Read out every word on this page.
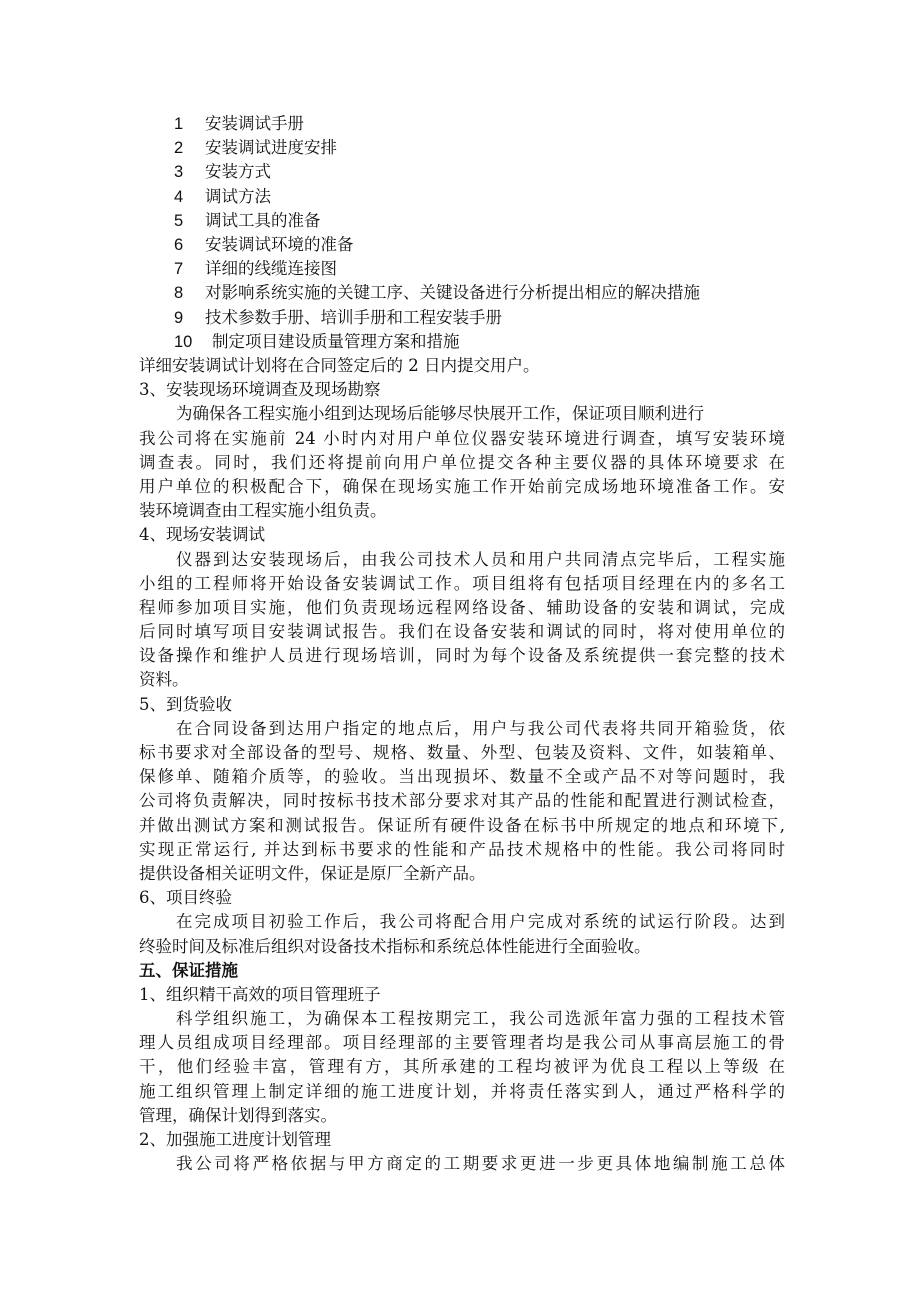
1	安装调试手册
2	安装调试进度安排
3	安装方式
4	调试方法
5	调试工具的准备
6	安装调试环境的准备
7	详细的线缆连接图
8	对影响系统实施的关键工序、关键设备进行分析提出相应的解决措施
9	技术参数手册、培训手册和工程安装手册
10	制定项目建设质量管理方案和措施
详细安装调试计划将在合同签定后的 2 日内提交用户。
3、安装现场环境调查及现场勘察
为确保各工程实施小组到达现场后能够尽快展开工作，保证项目顺利进行
我公司将在实施前 24 小时内对用户单位仪器安装环境进行调查，填写安装环境
调查表。同时，我们还将提前向用户单位提交各种主要仪器的具体环境要求 在
用户单位的积极配合下，确保在现场实施工作开始前完成场地环境准备工作。安
装环境调查由工程实施小组负责。
4、现场安装调试
仪器到达安装现场后，由我公司技术人员和用户共同清点完毕后，工程实施
小组的工程师将开始设备安装调试工作。项目组将有包括项目经理在内的多名工
程师参加项目实施，他们负责现场远程网络设备、辅助设备的安装和调试，完成
后同时填写项目安装调试报告。我们在设备安装和调试的同时，将对使用单位的
设备操作和维护人员进行现场培训，同时为每个设备及系统提供一套完整的技术
资料。
5、到货验收
在合同设备到达用户指定的地点后，用户与我公司代表将共同开箱验货，依
标书要求对全部设备的型号、规格、数量、外型、包装及资料、文件，如装箱单、
保修单、随箱介质等，的验收。当出现损坏、数量不全或产品不对等问题时，我
公司将负责解决，同时按标书技术部分要求对其产品的性能和配置进行测试检查，
并做出测试方案和测试报告。保证所有硬件设备在标书中所规定的地点和环境下,
实现正常运行, 并达到标书要求的性能和产品技术规格中的性能。我公司将同时
提供设备相关证明文件，保证是原厂全新产品。
6、项目终验
在完成项目初验工作后，我公司将配合用户完成对系统的试运行阶段。达到
终验时间及标准后组织对设备技术指标和系统总体性能进行全面验收。
五、保证措施
1、组织精干高效的项目管理班子
科学组织施工，为确保本工程按期完工，我公司选派年富力强的工程技术管
理人员组成项目经理部。项目经理部的主要管理者均是我公司从事高层施工的骨
干，他们经验丰富，管理有方，其所承建的工程均被评为优良工程以上等级 在
施工组织管理上制定详细的施工进度计划，并将责任落实到人，通过严格科学的
管理，确保计划得到落实。
2、加强施工进度计划管理
我公司将严格依据与甲方商定的工期要求更进一步更具体地编制施工总体
